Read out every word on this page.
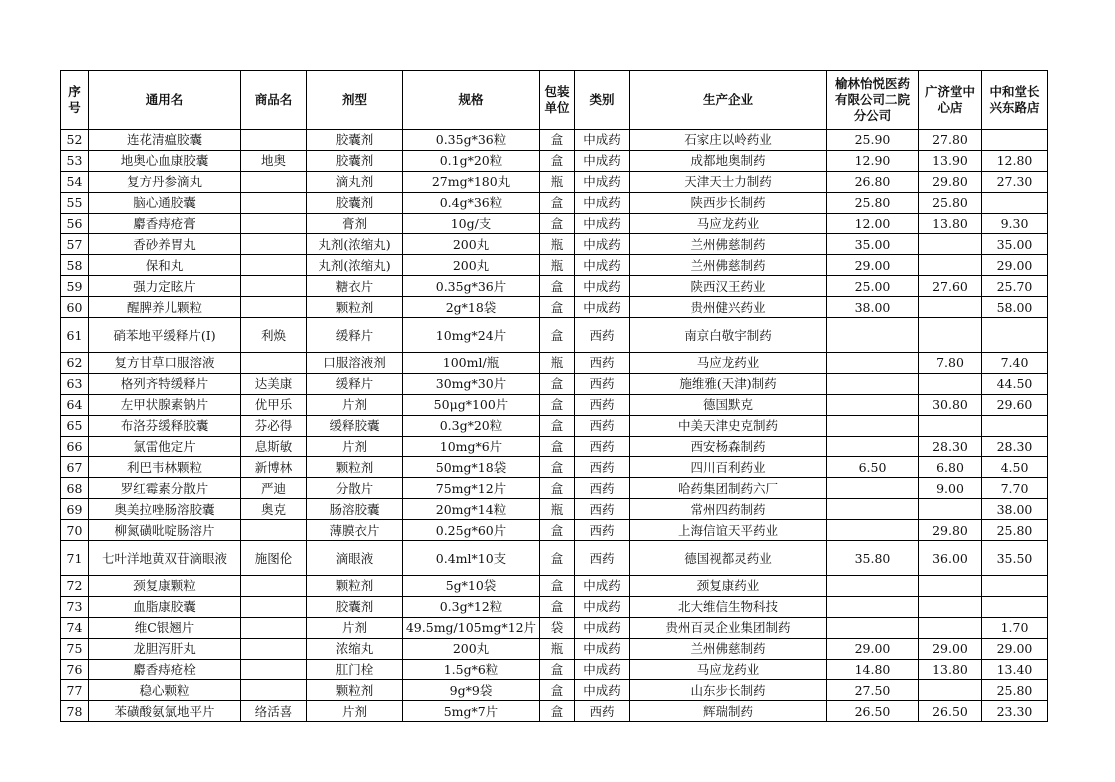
序号	通用名	商品名	剂型	规格	包装单位	类别	生产企业	榆林怡悦医药有限公司二院分公司	广济堂中心店	中和堂长兴东路店
52	连花清瘟胶囊		胶囊剂	0.35g*36粒	盒	中成药	石家庄以岭药业	25.90	27.80	
53	地奥心血康胶囊	地奥	胶囊剂	0.1g*20粒	盒	中成药	成都地奥制药	12.90	13.90	12.80
54	复方丹参滴丸		滴丸剂	27mg*180丸	瓶	中成药	天津天士力制药	26.80	29.80	27.30
55	脑心通胶囊		胶囊剂	0.4g*36粒	盒	中成药	陕西步长制药	25.80	25.80	
56	麝香痔疮膏		膏剂	10g/支	盒	中成药	马应龙药业	12.00	13.80	9.30
57	香砂养胃丸		丸剂(浓缩丸)	200丸	瓶	中成药	兰州佛慈制药	35.00		35.00
58	保和丸		丸剂(浓缩丸)	200丸	瓶	中成药	兰州佛慈制药	29.00		29.00
59	强力定眩片		糖衣片	0.35g*36片	盒	中成药	陕西汉王药业	25.00	27.60	25.70
60	醒脾养儿颗粒		颗粒剂	2g*18袋	盒	中成药	贵州健兴药业	38.00		58.00
61	硝苯地平缓释片(Ⅰ)	利焕	缓释片	10mg*24片	盒	西药	南京白敬宇制药			
62	复方甘草口服溶液		口服溶液剂	100ml/瓶	瓶	西药	马应龙药业		7.80	7.40
63	格列齐特缓释片	达美康	缓释片	30mg*30片	盒	西药	施维雅(天津)制药			44.50
64	左甲状腺素钠片	优甲乐	片剂	50μg*100片	盒	西药	德国默克		30.80	29.60
65	布洛芬缓释胶囊	芬必得	缓释胶囊	0.3g*20粒	盒	西药	中美天津史克制药			
66	氯雷他定片	息斯敏	片剂	10mg*6片	盒	西药	西安杨森制药		28.30	28.30
67	利巴韦林颗粒	新博林	颗粒剂	50mg*18袋	盒	西药	四川百利药业	6.50	6.80	4.50
68	罗红霉素分散片	严迪	分散片	75mg*12片	盒	西药	哈药集团制药六厂		9.00	7.70
69	奥美拉唑肠溶胶囊	奥克	肠溶胶囊	20mg*14粒	瓶	西药	常州四药制药			38.00
70	柳氮磺吡啶肠溶片		薄膜衣片	0.25g*60片	盒	西药	上海信谊天平药业		29.80	25.80
71	七叶洋地黄双苷滴眼液	施图伦	滴眼液	0.4ml*10支	盒	西药	德国视都灵药业	35.80	36.00	35.50
72	颈复康颗粒		颗粒剂	5g*10袋	盒	中成药	颈复康药业			
73	血脂康胶囊		胶囊剂	0.3g*12粒	盒	中成药	北大维信生物科技			
74	维C银翘片		片剂	49.5mg/105mg*12片	袋	中成药	贵州百灵企业集团制药			1.70
75	龙胆泻肝丸		浓缩丸	200丸	瓶	中成药	兰州佛慈制药	29.00	29.00	29.00
76	麝香痔疮栓		肛门栓	1.5g*6粒	盒	中成药	马应龙药业	14.80	13.80	13.40
77	稳心颗粒		颗粒剂	9g*9袋	盒	中成药	山东步长制药	27.50		25.80
78	苯磺酸氨氯地平片	络活喜	片剂	5mg*7片	盒	西药	辉瑞制药	26.50	26.50	23.30
